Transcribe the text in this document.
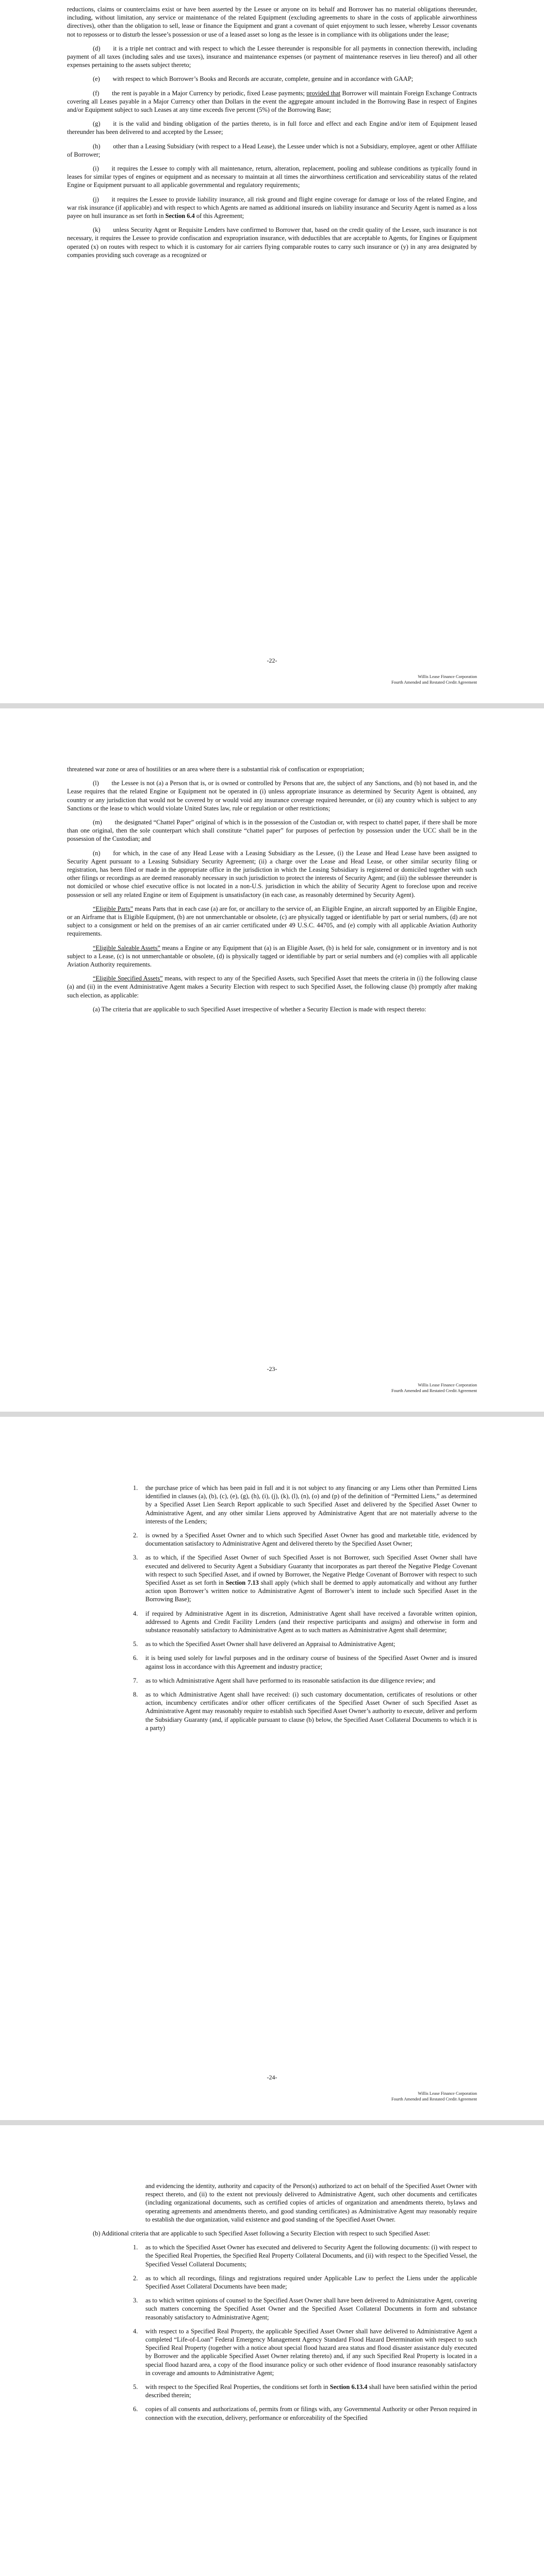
reductions, claims or counterclaims exist or have been asserted by the Lessee or anyone on its behalf and Borrower has no material obligations thereunder, including, without limitation, any service or maintenance of the related Equipment (excluding agreements to share in the costs of applicable airworthiness directives), other than the obligation to sell, lease or finance the Equipment and grant a covenant of quiet enjoyment to such lessee, whereby Lessor covenants not to repossess or to disturb the lessee’s possession or use of a leased asset so long as the lessee is in compliance with its obligations under the lease;

(d)  it is a triple net contract and with respect to which the Lessee thereunder is responsible for all payments in connection therewith, including payment of all taxes (including sales and use taxes), insurance and maintenance expenses (or payment of maintenance reserves in lieu thereof) and all other expenses pertaining to the assets subject thereto;

(e)  with respect to which Borrower’s Books and Records are accurate, complete, genuine and in accordance with GAAP;

(f)  the rent is payable in a Major Currency by periodic, fixed Lease payments; provided that Borrower will maintain Foreign Exchange Contracts covering all Leases payable in a Major Currency other than Dollars in the event the aggregate amount included in the Borrowing Base in respect of Engines and/or Equipment subject to such Leases at any time exceeds five percent (5%) of the Borrowing Base;

(g)  it is the valid and binding obligation of the parties thereto, is in full force and effect and each Engine and/or item of Equipment leased thereunder has been delivered to and accepted by the Lessee;

(h)  other than a Leasing Subsidiary (with respect to a Head Lease), the Lessee under which is not a Subsidiary, employee, agent or other Affiliate of Borrower;

(i)  it requires the Lessee to comply with all maintenance, return, alteration, replacement, pooling and sublease conditions as typically found in leases for similar types of engines or equipment and as necessary to maintain at all times the airworthiness certification and serviceability status of the related Engine or Equipment pursuant to all applicable governmental and regulatory requirements;

(j)  it requires the Lessee to provide liability insurance, all risk ground and flight engine coverage for damage or loss of the related Engine, and war risk insurance (if applicable) and with respect to which Agents are named as additional insureds on liability insurance and Security Agent is named as a loss payee on hull insurance as set forth in Section 6.4 of this Agreement;

(k)  unless Security Agent or Requisite Lenders have confirmed to Borrower that, based on the credit quality of the Lessee, such insurance is not necessary, it requires the Lessee to provide confiscation and expropriation insurance, with deductibles that are acceptable to Agents, for Engines or Equipment operated (x) on routes with respect to which it is customary for air carriers flying comparable routes to carry such insurance or (y) in any area designated by companies providing such coverage as a recognized or

-22-
Willis Lease Finance Corporation
Fourth Amended and Restated Credit Agreement

threatened war zone or area of hostilities or an area where there is a substantial risk of confiscation or expropriation;

(l)  the Lessee is not (a) a Person that is, or is owned or controlled by Persons that are, the subject of any Sanctions, and (b) not based in, and the Lease requires that the related Engine or Equipment not be operated in (i) unless appropriate insurance as determined by Security Agent is obtained, any country or any jurisdiction that would not be covered by or would void any insurance coverage required hereunder, or (ii) any country which is subject to any Sanctions or the lease to which would violate United States law, rule or regulation or other restrictions;

(m)  the designated “Chattel Paper” original of which is in the possession of the Custodian or, with respect to chattel paper, if there shall be more than one original, then the sole counterpart which shall constitute “chattel paper” for purposes of perfection by possession under the UCC shall be in the possession of the Custodian; and

(n)  for which, in the case of any Head Lease with a Leasing Subsidiary as the Lessee, (i) the Lease and Head Lease have been assigned to Security Agent pursuant to a Leasing Subsidiary Security Agreement; (ii) a charge over the Lease and Head Lease, or other similar security filing or registration, has been filed or made in the appropriate office in the jurisdiction in which the Leasing Subsidiary is registered or domiciled together with such other filings or recordings as are deemed reasonably necessary in such jurisdiction to protect the interests of Security Agent; and (iii) the sublessee thereunder is not domiciled or whose chief executive office is not located in a non-U.S. jurisdiction in which the ability of Security Agent to foreclose upon and receive possession or sell any related Engine or item of Equipment is unsatisfactory (in each case, as reasonably determined by Security Agent).

“Eligible Parts” means Parts that in each case (a) are for, or ancillary to the service of, an Eligible Engine, an aircraft supported by an Eligible Engine, or an Airframe that is Eligible Equipment, (b) are not unmerchantable or obsolete, (c) are physically tagged or identifiable by part or serial numbers, (d) are not subject to a consignment or held on the premises of an air carrier certificated under 49 U.S.C. 44705, and (e) comply with all applicable Aviation Authority requirements.

“Eligible Saleable Assets” means a Engine or any Equipment that (a) is an Eligible Asset, (b) is held for sale, consignment or in inventory and is not subject to a Lease, (c) is not unmerchantable or obsolete, (d) is physically tagged or identifiable by part or serial numbers and (e) complies with all applicable Aviation Authority requirements.

“Eligible Specified Assets” means, with respect to any of the Specified Assets, such Specified Asset that meets the criteria in (i) the following clause (a) and (ii) in the event Administrative Agent makes a Security Election with respect to such Specified Asset, the following clause (b) promptly after making such election, as applicable:

(a) The criteria that are applicable to such Specified Asset irrespective of whether a Security Election is made with respect thereto:

-23-
Willis Lease Finance Corporation
Fourth Amended and Restated Credit Agreement
1. the purchase price of which has been paid in full and it is not subject to any financing or any Liens other than Permitted Liens identified in clauses (a), (b), (c), (e), (g), (h), (i), (j), (k), (l), (n), (o) and (p) of the definition of “Permitted Liens,” as determined by a Specified Asset Lien Search Report applicable to such Specified Asset and delivered by the Specified Asset Owner to Administrative Agent, and any other similar Liens approved by Administrative Agent that are not materially adverse to the interests of the Lenders;
2. is owned by a Specified Asset Owner and to which such Specified Asset Owner has good and marketable title, evidenced by documentation satisfactory to Administrative Agent and delivered thereto by the Specified Asset Owner;
3. as to which, if the Specified Asset Owner of such Specified Asset is not Borrower, such Specified Asset Owner shall have executed and delivered to Security Agent a Subsidiary Guaranty that incorporates as part thereof the Negative Pledge Covenant with respect to such Specified Asset, and if owned by Borrower, the Negative Pledge Covenant of Borrower with respect to such Specified Asset as set forth in Section 7.13 shall apply (which shall be deemed to apply automatically and without any further action upon Borrower’s written notice to Administrative Agent of Borrower’s intent to include such Specified Asset in the Borrowing Base);
4. if required by Administrative Agent in its discretion, Administrative Agent shall have received a favorable written opinion, addressed to Agents and Credit Facility Lenders (and their respective participants and assigns) and otherwise in form and substance reasonably satisfactory to Administrative Agent as to such matters as Administrative Agent shall determine;
5. as to which the Specified Asset Owner shall have delivered an Appraisal to Administrative Agent;
6. it is being used solely for lawful purposes and in the ordinary course of business of the Specified Asset Owner and is insured against loss in accordance with this Agreement and industry practice;
7. as to which Administrative Agent shall have performed to its reasonable satisfaction its due diligence review; and
8. as to which Administrative Agent shall have received: (i) such customary documentation, certificates of resolutions or other action, incumbency certificates and/or other officer certificates of the Specified Asset Owner of such Specified Asset as Administrative Agent may reasonably require to establish such Specified Asset Owner’s authority to execute, deliver and perform the Subsidiary Guaranty (and, if applicable pursuant to clause (b) below, the Specified Asset Collateral Documents to which it is a party)
-24-
Willis Lease Finance Corporation
Fourth Amended and Restated Credit Agreement

and evidencing the identity, authority and capacity of the Person(s) authorized to act on behalf of the Specified Asset Owner with respect thereto, and (ii) to the extent not previously delivered to Administrative Agent, such other documents and certificates (including organizational documents, such as certified copies of articles of organization and amendments thereto, bylaws and operating agreements and amendments thereto, and good standing certificates) as Administrative Agent may reasonably require to establish the due organization, valid existence and good standing of the Specified Asset Owner.

(b) Additional criteria that are applicable to such Specified Asset following a Security Election with respect to such Specified Asset:

1. as to which the Specified Asset Owner has executed and delivered to Security Agent the following documents: (i) with respect to the Specified Real Properties, the Specified Real Property Collateral Documents, and (ii) with respect to the Specified Vessel, the Specified Vessel Collateral Documents;
2. as to which all recordings, filings and registrations required under Applicable Law to perfect the Liens under the applicable Specified Asset Collateral Documents have been made;
3. as to which written opinions of counsel to the Specified Asset Owner shall have been delivered to Administrative Agent, covering such matters concerning the Specified Asset Owner and the Specified Asset Collateral Documents in form and substance reasonably satisfactory to Administrative Agent;
4. with respect to a Specified Real Property, the applicable Specified Asset Owner shall have delivered to Administrative Agent a completed “Life-of-Loan” Federal Emergency Management Agency Standard Flood Hazard Determination with respect to such Specified Real Property (together with a notice about special flood hazard area status and flood disaster assistance duly executed by Borrower and the applicable Specified Asset Owner relating thereto) and, if any such Specified Real Property is located in a special flood hazard area, a copy of the flood insurance policy or such other evidence of flood insurance reasonably satisfactory in coverage and amounts to Administrative Agent;
5. with respect to the Specified Real Properties, the conditions set forth in Section 6.13.4 shall have been satisfied within the period described therein;
6. copies of all consents and authorizations of, permits from or filings with, any Governmental Authority or other Person required in connection with the execution, delivery, performance or enforceability of the Specified
